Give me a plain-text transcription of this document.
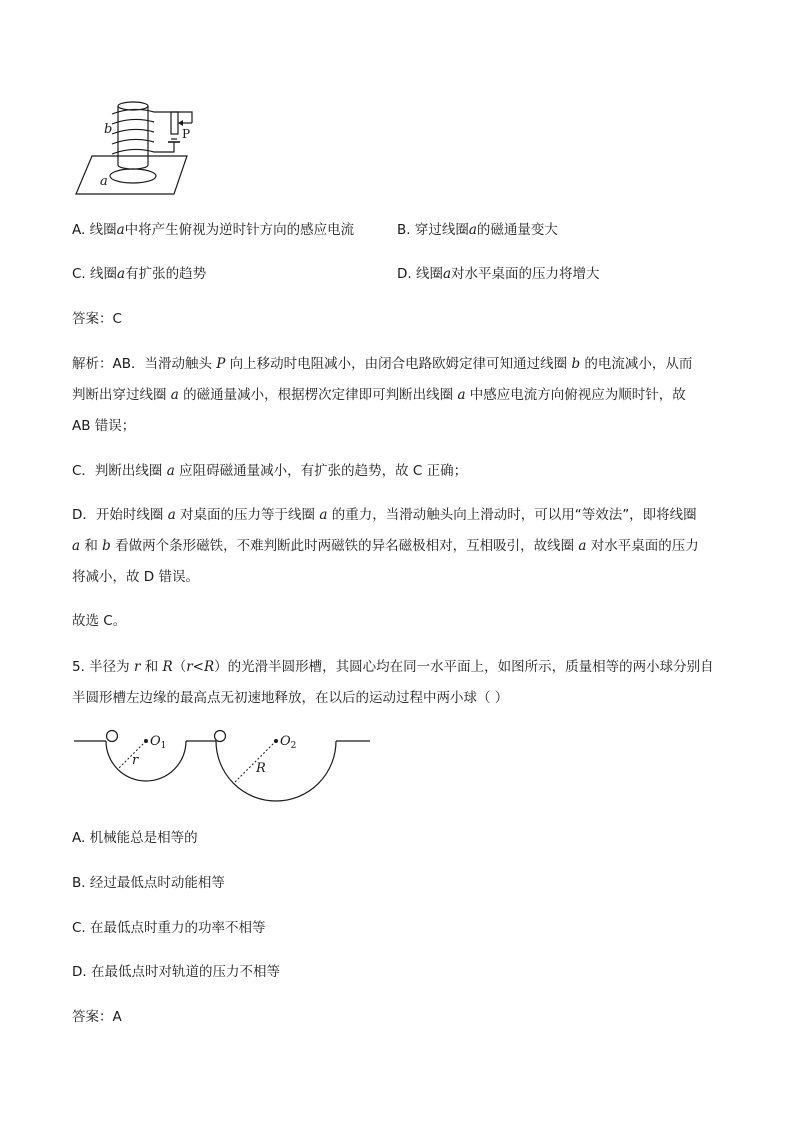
b	P
a
A. 线圈a中将产生俯视为逆时针方向的感应电流	B. 穿过线圈a的磁通量变大
C. 线圈a有扩张的趋势	D. 线圈a对水平桌面的压力将增大
答案：C
解析：AB．当滑动触头 P 向上移动时电阻减小，由闭合电路欧姆定律可知通过线圈 b 的电流减小，从而
判断出穿过线圈 a 的磁通量减小，根据楞次定律即可判断出线圈 a 中感应电流方向俯视应为顺时针，故
AB 错误；
C．判断出线圈 a 应阻碍磁通量减小，有扩张的趋势，故 C 正确；
D．开始时线圈 a 对桌面的压力等于线圈 a 的重力，当滑动触头向上滑动时，可以用“等效法”，即将线圈
a 和 b 看做两个条形磁铁，不难判断此时两磁铁的异名磁极相对，互相吸引，故线圈 a 对水平桌面的压力
将减小，故 D 错误。
故选 C。
5. 半径为 r 和 R（r<R）的光滑半圆形槽，其圆心均在同一水平面上，如图所示，质量相等的两小球分别自
半圆形槽左边缘的最高点无初速地释放，在以后的运动过程中两小球（ ）
$O_1$
r
$O_2$
R
A. 机械能总是相等的
B. 经过最低点时动能相等
C. 在最低点时重力的功率不相等
D. 在最低点时对轨道的压力不相等
答案：A
